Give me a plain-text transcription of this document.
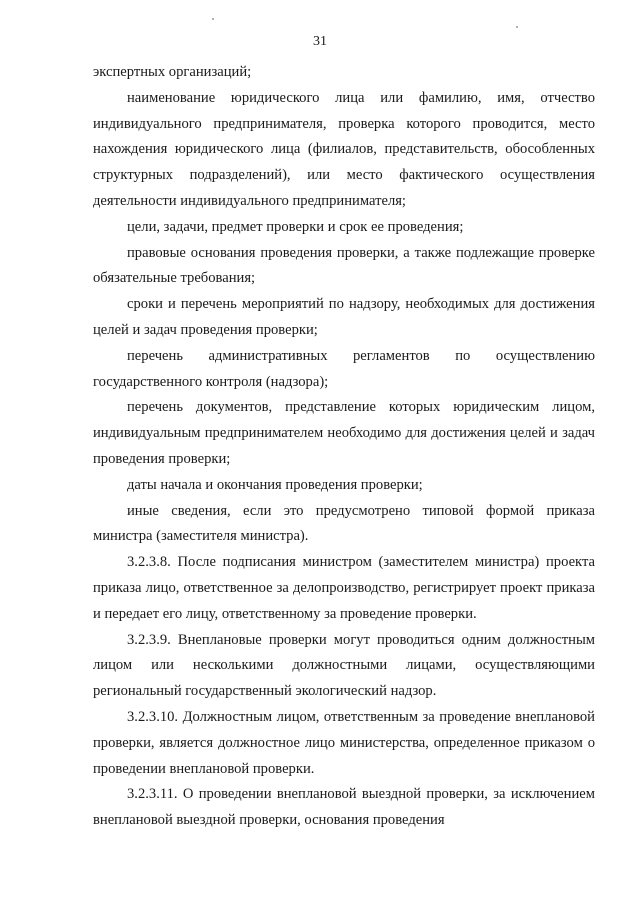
31

экспертных организаций;

наименование юридического лица или фамилию, имя, отчество индивидуального предпринимателя, проверка которого проводится, место нахождения юридического лица (филиалов, представительств, обособленных структурных подразделений), или место фактического осуществления деятельности индивидуального предпринимателя;

цели, задачи, предмет проверки и срок ее проведения;

правовые основания проведения проверки, а также подлежащие проверке обязательные требования;

сроки и перечень мероприятий по надзору, необходимых для достижения целей и задач проведения проверки;

перечень административных регламентов по осуществлению государственного контроля (надзора);

перечень документов, представление которых юридическим лицом, индивидуальным предпринимателем необходимо для достижения целей и задач проведения проверки;

даты начала и окончания проведения проверки;

иные сведения, если это предусмотрено типовой формой приказа министра (заместителя министра).

3.2.3.8. После подписания министром (заместителем министра) проекта приказа лицо, ответственное за делопроизводство, регистрирует проект приказа и передает его лицу, ответственному за проведение проверки.

3.2.3.9. Внеплановые проверки могут проводиться одним должностным лицом или несколькими должностными лицами, осуществляющими региональный государственный экологический надзор.

3.2.3.10. Должностным лицом, ответственным за проведение внеплановой проверки, является должностное лицо министерства, определенное приказом о проведении внеплановой проверки.

3.2.3.11. О проведении внеплановой выездной проверки, за исключением внеплановой выездной проверки, основания проведения
